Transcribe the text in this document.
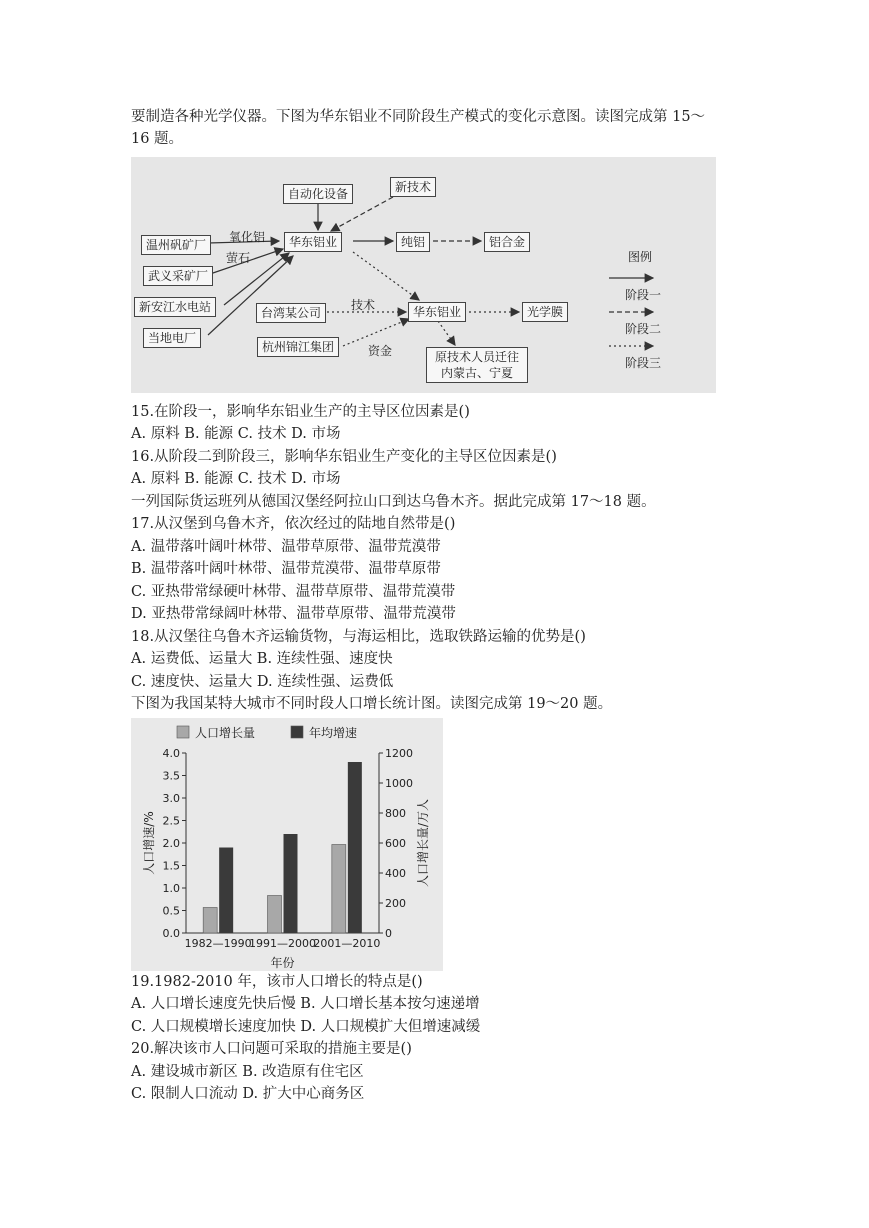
要制造各种光学仪器。下图为华东铝业不同阶段生产模式的变化示意图。读图完成第 15～
16 题。
自动化设备	新技术
温州矾矿厂
武义采矿厂
新安江水电站
当地电厂
华东铝业	纯铝	铝合金
台湾某公司
杭州锦江集团
华东铝业	光学膜
原技术人员迁往
内蒙古、宁夏
氧化铝
萤石
技术
资金
图例
阶段一
阶段二
阶段三
15.在阶段一，影响华东铝业生产的主导区位因素是()
A. 原料 B. 能源 C. 技术 D. 市场
16.从阶段二到阶段三，影响华东铝业生产变化的主导区位因素是()
A. 原料 B. 能源 C. 技术 D. 市场
一列国际货运班列从德国汉堡经阿拉山口到达乌鲁木齐。据此完成第 17～18 题。
17.从汉堡到乌鲁木齐，依次经过的陆地自然带是()
A. 温带落叶阔叶林带、温带草原带、温带荒漠带
B. 温带落叶阔叶林带、温带荒漠带、温带草原带
C. 亚热带常绿硬叶林带、温带草原带、温带荒漠带
D. 亚热带常绿阔叶林带、温带草原带、温带荒漠带
18.从汉堡往乌鲁木齐运输货物，与海运相比，选取铁路运输的优势是()
A. 运费低、运量大 B. 连续性强、速度快
C. 速度快、运量大 D. 连续性强、运费低
下图为我国某特大城市不同时段人口增长统计图。读图完成第 19～20 题。
0.0
0.5
1.0
1.5
2.0
2.5
3.0
3.5
4.0
0
200
400
600
800
1000
1200
1982—1990
1991—2000
2001—2010
年份
人口增速/%	人口增长量/万人
人口增长量	年均增速
19.1982-2010 年，该市人口增长的特点是()
A. 人口增长速度先快后慢 B. 人口增长基本按匀速递增
C. 人口规模增长速度加快 D. 人口规模扩大但增速减缓
20.解决该市人口问题可采取的措施主要是()
A. 建设城市新区 B. 改造原有住宅区
C. 限制人口流动 D. 扩大中心商务区
